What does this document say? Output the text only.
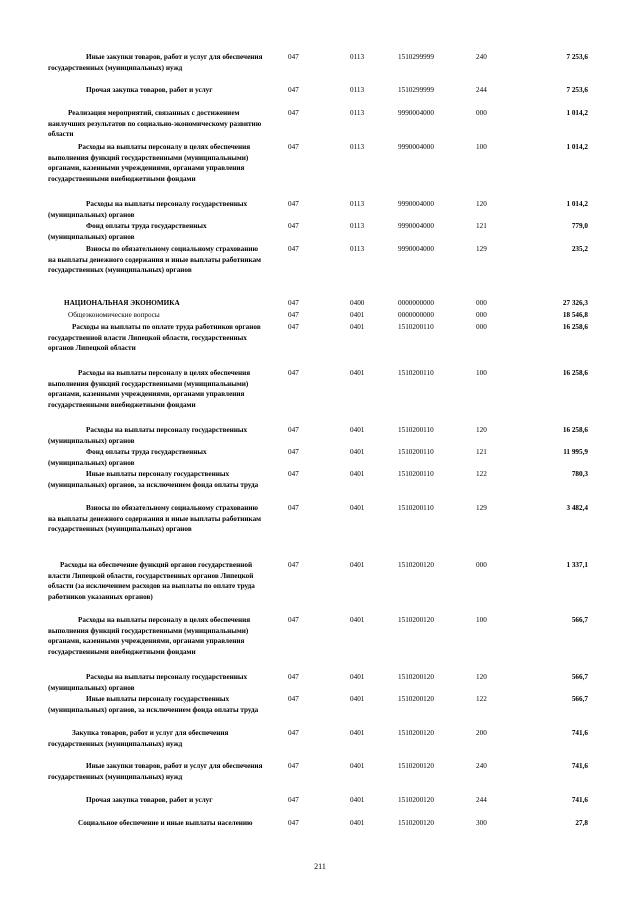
Иные закупки товаров, работ и услуг для обеспечения государственных (муниципальных) нужд
047	0113	1510299999	240	7 253,6
Прочая закупка товаров, работ и услуг	047	0113	1510299999	244	7 253,6
Реализация мероприятий, связанных с достижением наилучших результатов по социально-экономическому развитию области
047	0113	9990004000	000	1 014,2
Расходы на выплаты персоналу в целях обеспечения выполнения функций государственными (муниципальными) органами, казенными учреждениями, органами управления государственными внебюджетными фондами
047	0113	9990004000	100	1 014,2
Расходы на выплаты персоналу государственных (муниципальных) органов
047	0113	9990004000	120	1 014,2
Фонд оплаты труда государственных (муниципальных) органов
047	0113	9990004000	121	779,0
Взносы по обязательному социальному страхованию на выплаты денежного содержания и иные выплаты работникам государственных (муниципальных) органов
047	0113	9990004000	129	235,2
НАЦИОНАЛЬНАЯ ЭКОНОМИКА	047	0400	0000000000	000	27 326,3
Общеэкономические вопросы	047	0401	0000000000	000	18 546,8
Расходы на выплаты по оплате труда работников органов государственной власти Липецкой области, государственных органов Липецкой области
047	0401	1510200110	000	16 258,6
Расходы на выплаты персоналу в целях обеспечения выполнения функций государственными (муниципальными) органами, казенными учреждениями, органами управления государственными внебюджетными фондами
047	0401	1510200110	100	16 258,6
Расходы на выплаты персоналу государственных (муниципальных) органов
047	0401	1510200110	120	16 258,6
Фонд оплаты труда государственных (муниципальных) органов
047	0401	1510200110	121	11 995,9
Иные выплаты персоналу государственных (муниципальных) органов, за исключением фонда оплаты труда
047	0401	1510200110	122	780,3
Взносы по обязательному социальному страхованию на выплаты денежного содержания и иные выплаты работникам государственных (муниципальных) органов
047	0401	1510200110	129	3 482,4
Расходы на обеспечение функций органов государственной власти Липецкой области, государственных органов Липецкой области (за исключением расходов на выплаты по оплате труда работников указанных органов)
047	0401	1510200120	000	1 337,1
Расходы на выплаты персоналу в целях обеспечения выполнения функций государственными (муниципальными) органами, казенными учреждениями, органами управления государственными внебюджетными фондами
047	0401	1510200120	100	566,7
Расходы на выплаты персоналу государственных (муниципальных) органов
047	0401	1510200120	120	566,7
Иные выплаты персоналу государственных (муниципальных) органов, за исключением фонда оплаты труда
047	0401	1510200120	122	566,7
Закупка товаров, работ и услуг для обеспечения государственных (муниципальных) нужд
047	0401	1510200120	200	741,6
Иные закупки товаров, работ и услуг для обеспечения государственных (муниципальных) нужд
047	0401	1510200120	240	741,6
Прочая закупка товаров, работ и услуг	047	0401	1510200120	244	741,6
Социальное обеспечение и иные выплаты населению	047	0401	1510200120	300	27,8
211
